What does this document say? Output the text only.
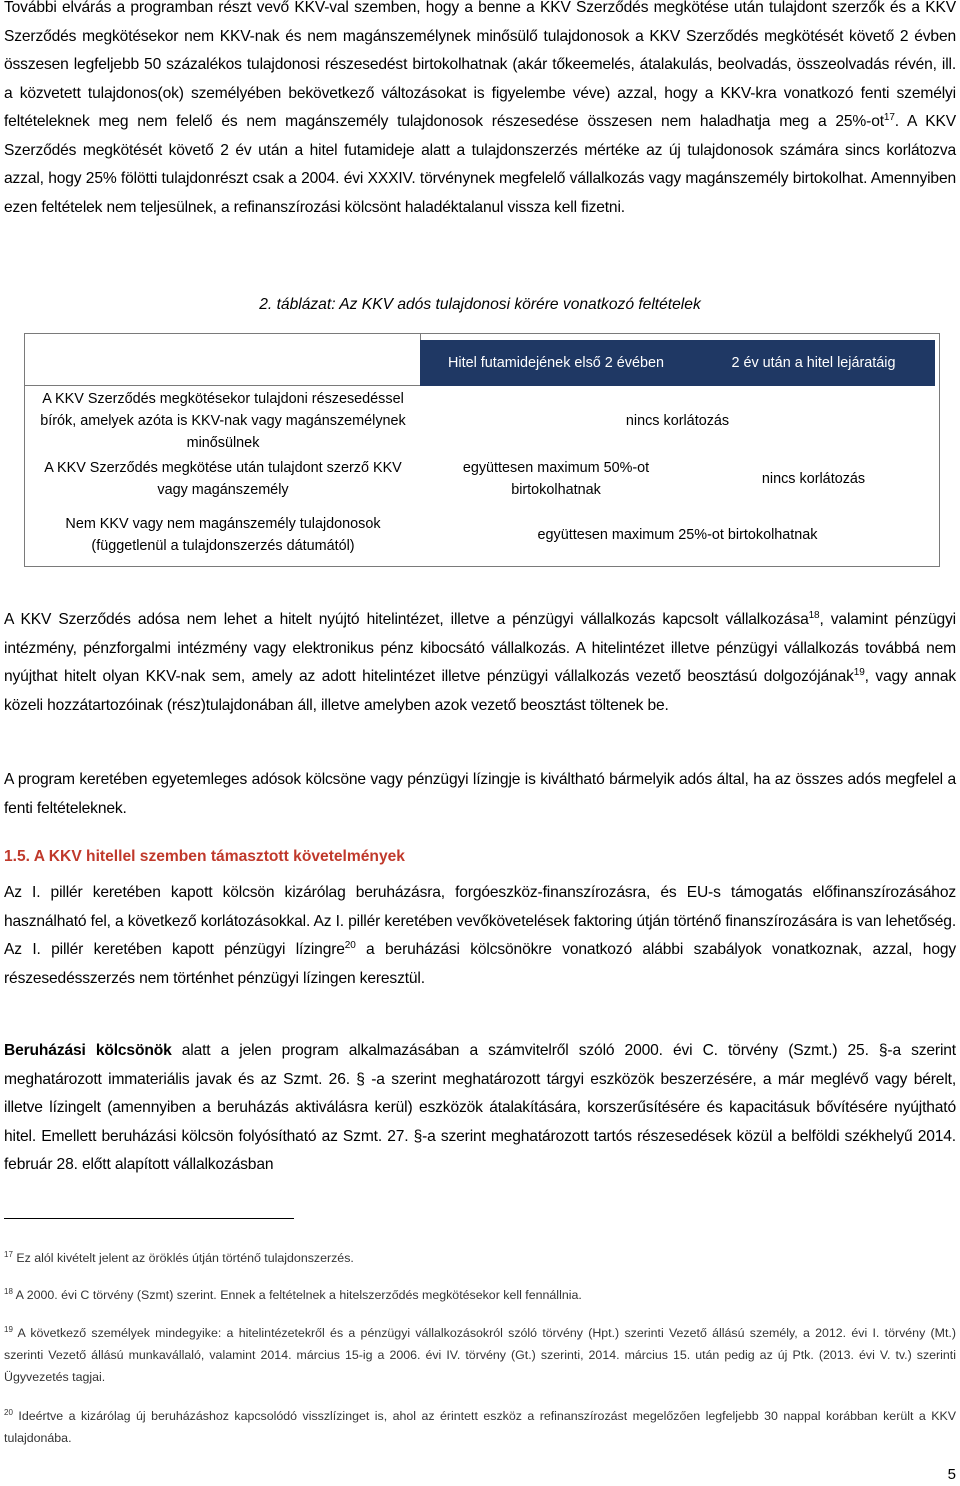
További elvárás a programban részt vevő KKV-val szemben, hogy a benne a KKV Szerződés megkötése után tulajdont szerzők és a KKV Szerződés megkötésekor nem KKV-nak és nem magánszemélynek minősülő tulajdonosok a KKV Szerződés megkötését követő 2 évben összesen legfeljebb 50 százalékos tulajdonosi részesedést birtokolhatnak (akár tőkeemelés, átalakulás, beolvadás, összeolvadás révén, ill. a közvetett tulajdonos(ok) személyében bekövetkező változásokat is figyelembe véve) azzal, hogy a KKV-kra vonatkozó fenti személyi feltételeknek meg nem felelő és nem magánszemély tulajdonosok részesedése összesen nem haladhatja meg a $25\%-ot^{17}$. A KKV Szerződés megkötését követő 2 év után a hitel futamideje alatt a tulajdonszerzés mértéke az új tulajdonosok számára sincs korlátozva azzal, hogy 25% fölötti tulajdonrészt csak a 2004. évi XXXIV. törvénynek megfelelő vállalkozás vagy magánszemély birtokolhat. Amennyiben ezen feltételek nem teljesülnek, a refinanszírozási kölcsönt haladéktalanul vissza kell fizetni.

2. táblázat: Az KKV adós tulajdonosi körére vonatkozó feltételek
Hitel futamidejének első 2 évében	2 év után a hitel lejáratáig
A KKV Szerződés megkötésekor tulajdoni részesedéssel bírók, amelyek azóta is KKV-nak vagy magánszemélynek minősülnek
nincs korlátozás
A KKV Szerződés megkötése után tulajdont szerző KKV vagy magánszemély
együttesen maximum 50%-ot birtokolhatnak
nincs korlátozás
Nem KKV vagy nem magánszemély tulajdonosok (függetlenül a tulajdonszerzés dátumától)
együttesen maximum 25%-ot birtokolhatnak

A KKV Szerződés adósa nem lehet a hitelt nyújtó hitelintézet, illetve a pénzügyi vállalkozás kapcsolt vállalkozása$^{18}$, valamint pénzügyi intézmény, pénzforgalmi intézmény vagy elektronikus pénz kibocsátó vállalkozás. A hitelintézet illetve pénzügyi vállalkozás továbbá nem nyújthat hitelt olyan KKV-nak sem, amely az adott hitelintézet illetve pénzügyi vállalkozás vezető beosztású dolgozójának$^{19}$, vagy annak közeli hozzátartozóinak (rész)tulajdonában áll, illetve amelyben azok vezető beosztást töltenek be.

A program keretében egyetemleges adósok kölcsöne vagy pénzügyi lízingje is kiváltható bármelyik adós által, ha az összes adós megfelel a fenti feltételeknek.

1.5. A KKV hitellel szemben támasztott követelmények

Az I. pillér keretében kapott kölcsön kizárólag beruházásra, forgóeszköz-finanszírozásra, és EU-s támogatás előfinanszírozásához használható fel, a következő korlátozásokkal. Az I. pillér keretében vevőkövetelések faktoring útján történő finanszírozására is van lehetőség. Az I. pillér keretében kapott pénzügyi lízingre$^{20}$ a beruházási kölcsönökre vonatkozó alábbi szabályok vonatkoznak, azzal, hogy részesedésszerzés nem történhet pénzügyi lízingen keresztül.

Beruházási kölcsönök alatt a jelen program alkalmazásában a számvitelről szóló 2000. évi C. törvény (Szmt.) 25. §-a szerint meghatározott immateriális javak és az Szmt. 26. § -a szerint meghatározott tárgyi eszközök beszerzésére, a már meglévő vagy bérelt, illetve lízingelt (amennyiben a beruházás aktiválásra kerül) eszközök átalakítására, korszerűsítésére és kapacitásuk bővítésére nyújtható hitel. Emellett beruházási kölcsön folyósítható az Szmt. 27. §-a szerint meghatározott tartós részesedések közül a belföldi székhelyű 2014. február 28. előtt alapított vállalkozásban

$^{17}$ Ez alól kivételt jelent az öröklés útján történő tulajdonszerzés.

$^{18}$ A 2000. évi C törvény (Szmt) szerint. Ennek a feltételnek a hitelszerződés megkötésekor kell fennállnia.

$^{19}$ A következő személyek mindegyike: a hitelintézetekről és a pénzügyi vállalkozásokról szóló törvény (Hpt.) szerinti Vezető állású személy, a 2012. évi I. törvény (Mt.) szerinti Vezető állású munkavállaló, valamint 2014. március 15-ig a 2006. évi IV. törvény (Gt.) szerinti, 2014. március 15. után pedig az új Ptk. (2013. évi V. tv.) szerinti Ügyvezetés tagjai.

$^{20}$ Ideértve a kizárólag új beruházáshoz kapcsolódó visszlízinget is, ahol az érintett eszköz a refinanszírozást megelőzően legfeljebb 30 nappal korábban került a KKV tulajdonába.

5
